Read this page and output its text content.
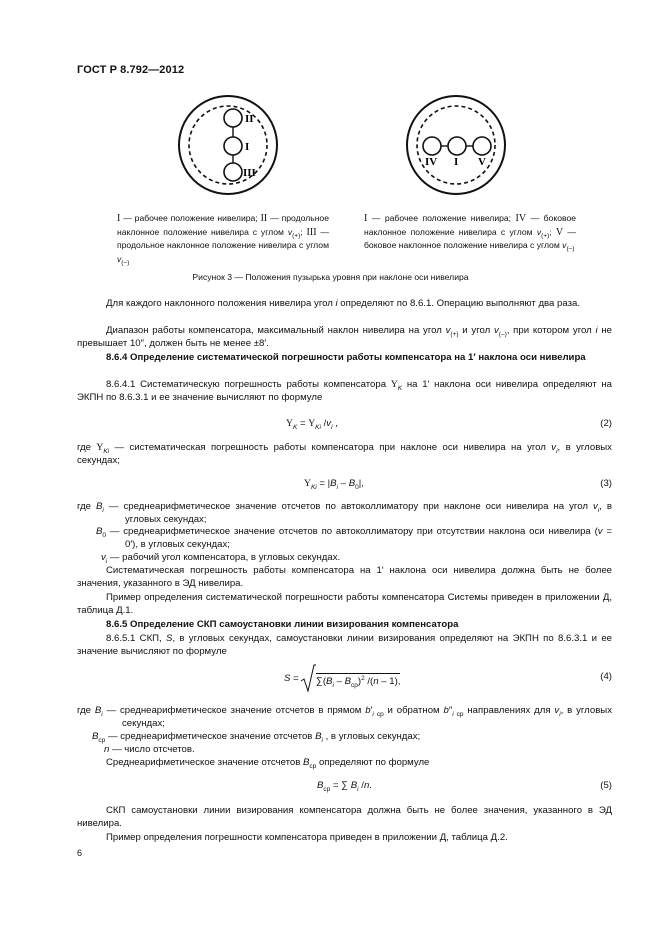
ГОСТ Р 8.792—2012
II
I
III
IV I V
I — рабочее положение нивелира; II — продольное наклонное положение нивелира с углом $v_{(+)}$; III — продольное наклонное положение нивелира с углом $v_{(-)}$
I — рабочее положение нивелира; IV — боковое наклонное положение нивелира с углом $v_{(+)}$; V — боковое наклонное положение нивелира с углом $v_{(-)}$
Рисунок 3 — Положения пузырька уровня при наклоне оси нивелира
Для каждого наклонного положения нивелира угол i определяют по 8.6.1. Операцию выполняют два раза.
Диапазон работы компенсатора, максимальный наклон нивелира на угол $v_{(+)}$ и угол $v_{(-)}$, при котором угол i не превышает 10″, должен быть не менее ±8′.
8.6.4 Определение систематической погрешности работы компенсатора на 1′ наклона оси нивелира
8.6.4.1 Систематическую погрешность работы компенсатора $\Upsilon_K$ на 1′ наклона оси нивелира определяют на ЭКПН по 8.6.3.1 и ее значение вычисляют по формуле
$\Upsilon_K = \Upsilon_{Ki}$ $/v_i$ ,	(2)
где $\Upsilon_{Ki}$ — систематическая погрешность работы компенсатора при наклоне оси нивелира на угол $v_i$, в угловых секундах;
$\Upsilon_{Ki} = |B_i - B_0|$,	(3)
где $B_i$ — среднеарифметическое значение отсчетов по автоколлиматору при наклоне оси нивелира на угол $v_i$, в угловых секундах;
$B_0$ — среднеарифметическое значение отсчетов по автоколлиматору при отсутствии наклона оси нивелира (v = 0′), в угловых секундах;
$v_i$ — рабочий угол компенсатора, в угловых секундах.
Систематическая погрешность работы компенсатора на 1′ наклона оси нивелира должна быть не более значения, указанного в ЭД нивелира.
Пример определения систематической погрешности работы компенсатора Системы приведен в приложении Д, таблица Д.1.
8.6.5 Определение СКП самоустановки линии визирования компенсатора
8.6.5.1 СКП, S, в угловых секундах, самоустановки линии визирования определяют на ЭКПН по 8.6.3.1 и ее значение вычисляют по формуле
$S = \sum(B_i - B_{ср})^2$ /(n – 1),	(4)
где $B_i$ — среднеарифметическое значение отсчетов в прямом $b'_{i ср}$ и обратном $b''_{i ср}$ направлениях для $v_i$, в угловых секундах;
$B_{ср}$ — среднеарифметическое значение отсчетов $B_i$ , в угловых секундах;
n — число отсчетов.
Среднеарифметическое значение отсчетов $B_{ср}$ определяют по формуле
$B_{ср}$ = ∑ $B_i$ /n.	(5)
СКП самоустановки линии визирования компенсатора должна быть не более значения, указанного в ЭД нивелира.
Пример определения погрешности компенсатора приведен в приложении Д, таблица Д.2.
6
